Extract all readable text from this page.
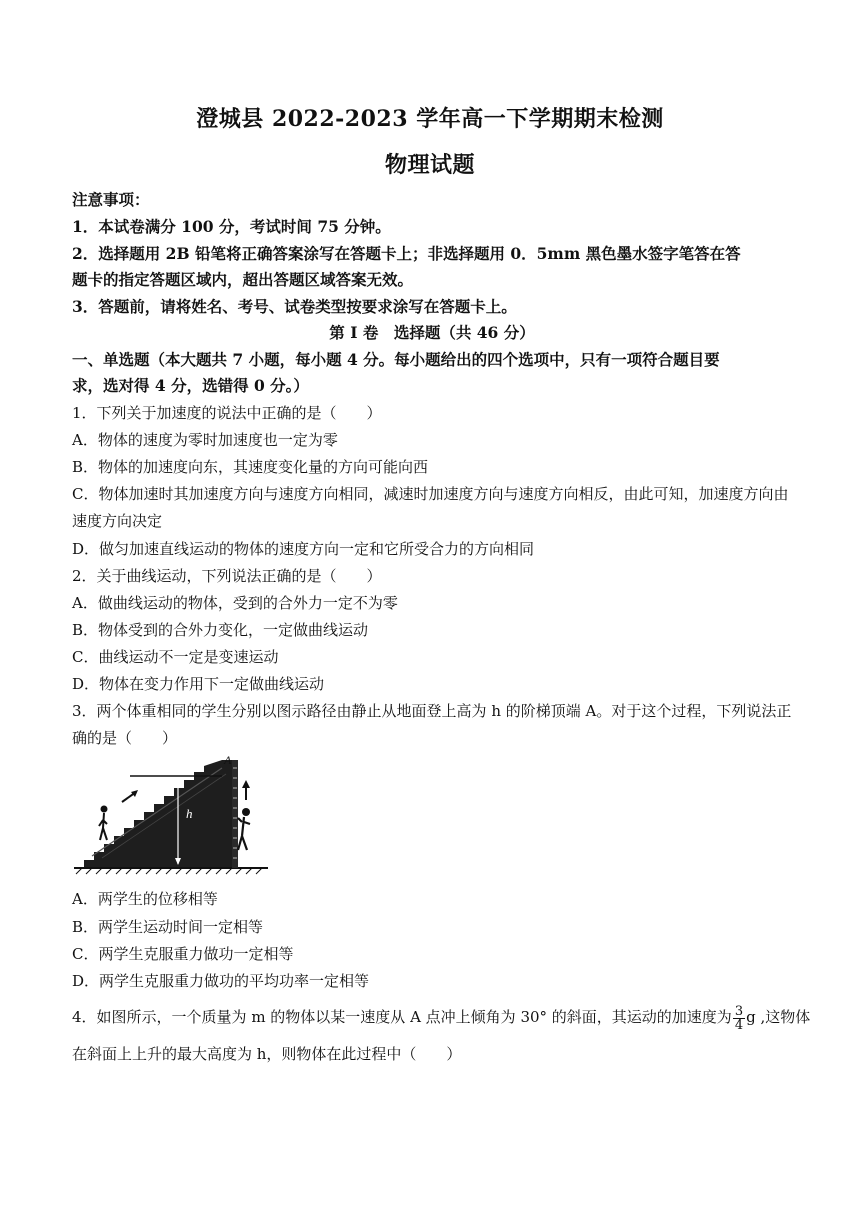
澄城县 2022-2023 学年高一下学期期末检测
物理试题
注意事项：
1．本试卷满分 100 分，考试时间 75 分钟。
2．选择题用 2B 铅笔将正确答案涂写在答题卡上；非选择题用 0．5mm 黑色墨水签字笔答在答
题卡的指定答题区域内，超出答题区域答案无效。
3．答题前，请将姓名、考号、试卷类型按要求涂写在答题卡上。
第 I 卷　选择题（共 46 分）
一、单选题（本大题共 7 小题，每小题 4 分。每小题给出的四个选项中，只有一项符合题目要
求，选对得 4 分，选错得 0 分。）
1．下列关于加速度的说法中正确的是（　　）
A．物体的速度为零时加速度也一定为零
B．物体的加速度向东，其速度变化量的方向可能向西
C．物体加速时其加速度方向与速度方向相同，减速时加速度方向与速度方向相反，由此可知，加速度方向由
速度方向决定
D．做匀加速直线运动的物体的速度方向一定和它所受合力的方向相同
2．关于曲线运动，下列说法正确的是（　　）
A．做曲线运动的物体，受到的合外力一定不为零
B．物体受到的合外力变化，一定做曲线运动
C．曲线运动不一定是变速运动
D．物体在变力作用下一定做曲线运动
3．两个体重相同的学生分别以图示路径由静止从地面登上高为 h 的阶梯顶端 A。对于这个过程，下列说法正
确的是（　　）
h
A
A．两学生的位移相等
B．两学生运动时间一定相等
C．两学生克服重力做功一定相等
D．两学生克服重力做功的平均功率一定相等
4．如图所示，一个质量为 m 的物体以某一速度从 A 点冲上倾角为 30° 的斜面，其运动的加速度为 $\frac{3}{4}$ g ,这物体
在斜面上上升的最大高度为 h，则物体在此过程中（　　）
